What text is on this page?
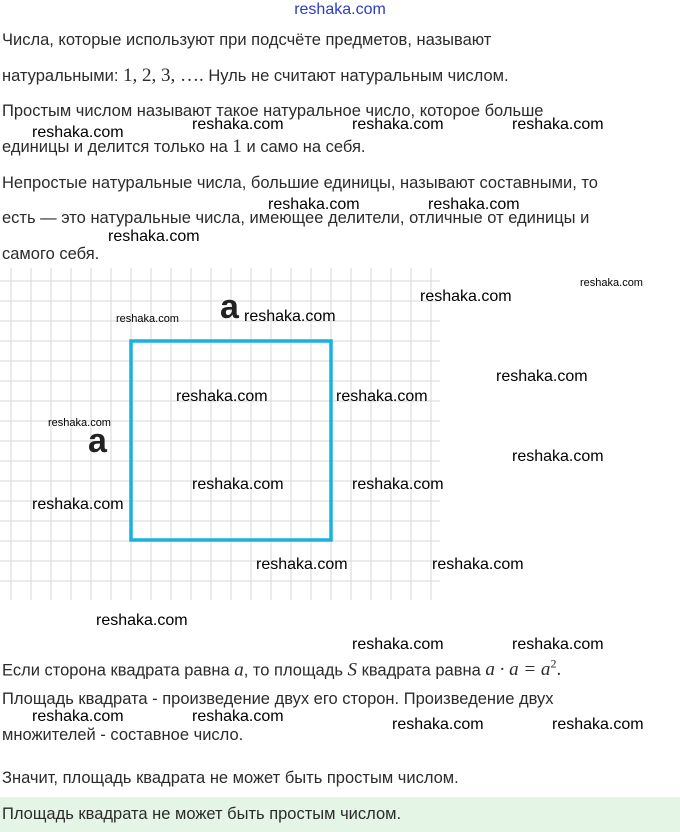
reshaka.com

Числа, которые используют при подсчёте предметов, называют

натуральными: 1, 2, 3, …. Нуль не считают натуральным числом.

Простым числом называют такое натуральное число, которое больше

единицы и делится только на 1 и само на себя.

Непростые натуральные числа, большие единицы, называют составными, то

есть — это натуральные числа, имеющее делители, отличные от единицы и

самого себя.

a
a

Если сторона квадрата равна a, то площадь S квадрата равна $a \cdot a = a^2$.

Площадь квадрата - произведение двух его сторон. Произведение двух

множителей - составное число.

Значит, площадь квадрата не может быть простым числом.

Площадь квадрата не может быть простым числом.
reshaka.com	reshaka.com	reshaka.com	reshaka.com
reshaka.com	reshaka.com
reshaka.com
reshaka.com
reshaka.com
reshaka.com	reshaka.com
reshaka.com
reshaka.com	reshaka.com
reshaka.com
reshaka.com
reshaka.com	reshaka.com
reshaka.com
reshaka.com	reshaka.com
reshaka.com
reshaka.com	reshaka.com
reshaka.com	reshaka.com	reshaka.com	reshaka.com
